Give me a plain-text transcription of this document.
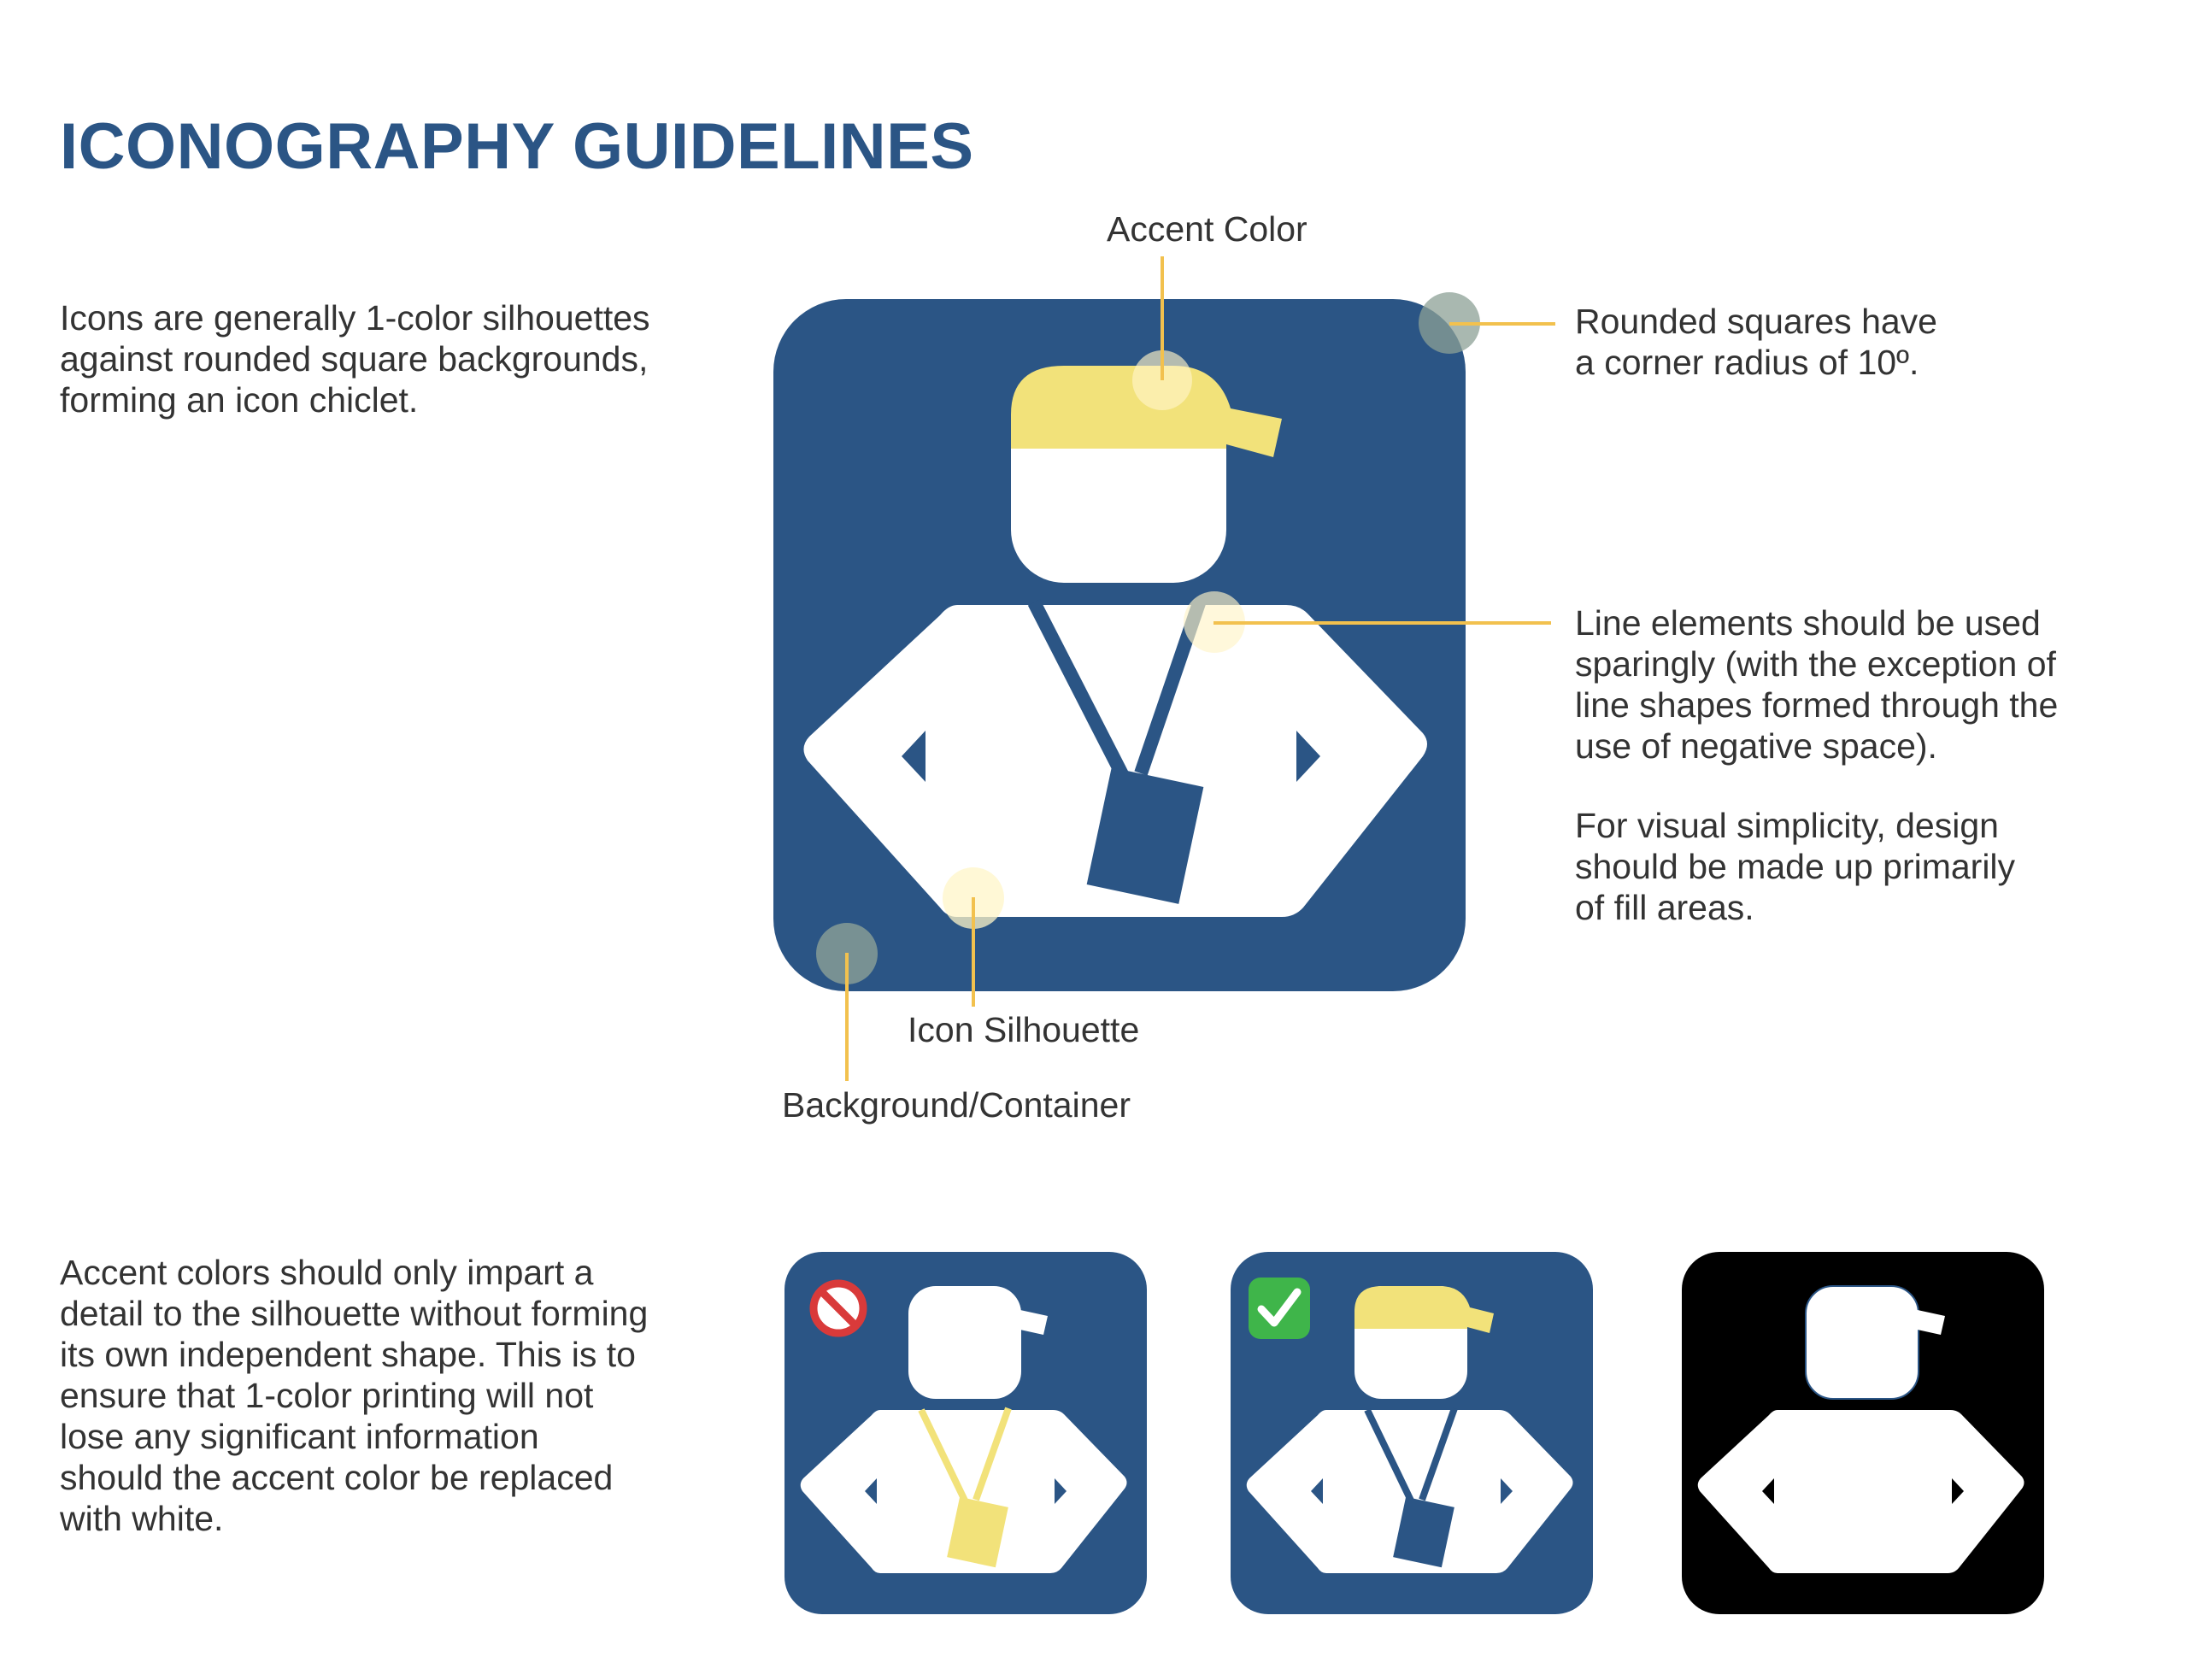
ICONOGRAPHY GUIDELINES

Icons are generally 1-color silhouettes
against rounded square backgrounds,
forming an icon chiclet.

Accent Color

Rounded squares have
a corner radius of 10º.

Line elements should be used
sparingly (with the exception of
line shapes formed through the
use of negative space).

For visual simplicity, design
should be made up primarily
of fill areas.

Icon Silhouette

Background/Container

Accent colors should only impart a
detail to the silhouette without forming
its own independent shape. This is to
ensure that 1-color printing will not
lose any significant information
should the accent color be replaced
with white.
